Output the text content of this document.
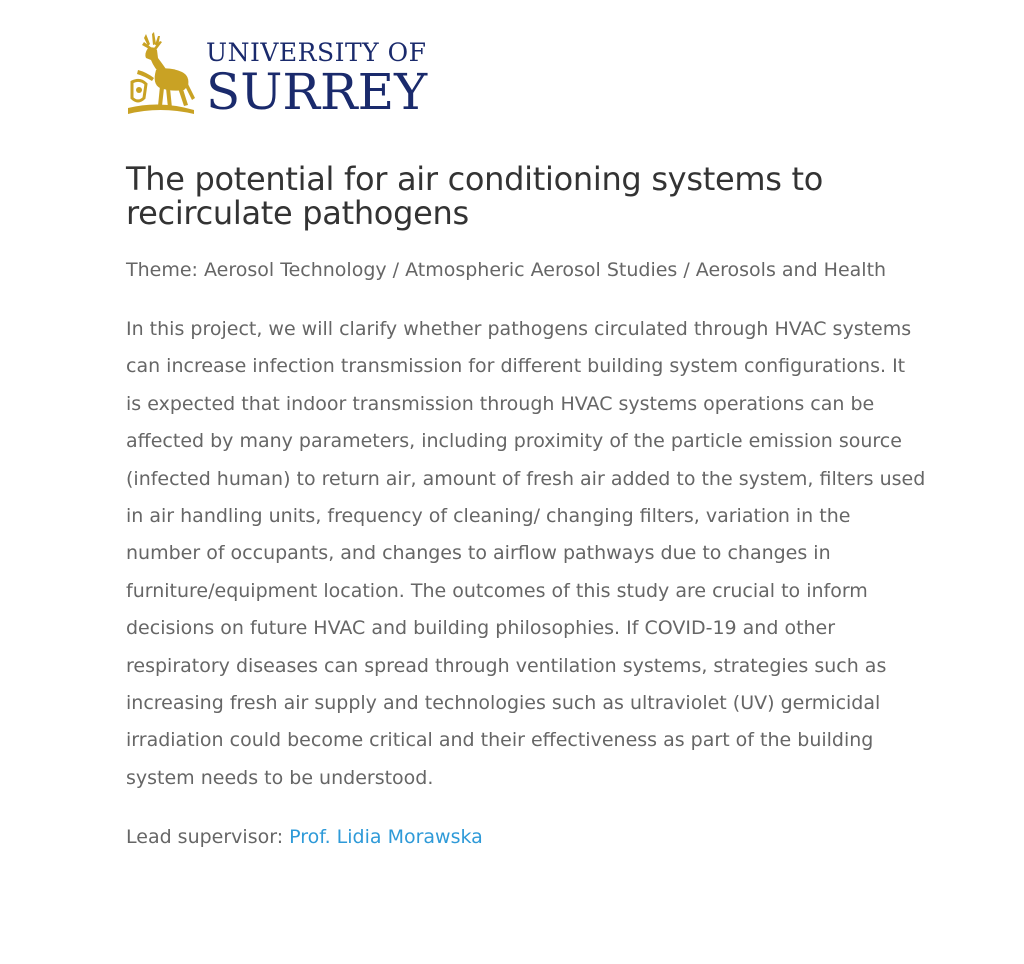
UNIVERSITY OF
SURREY
The potential for air conditioning systems to recirculate pathogens

Theme: Aerosol Technology / Atmospheric Aerosol Studies / Aerosols and Health

In this project, we will clarify whether pathogens circulated through HVAC systems can increase infection transmission for different building system configurations. It is expected that indoor transmission through HVAC systems operations can be affected by many parameters, including proximity of the particle emission source (infected human) to return air, amount of fresh air added to the system, filters used in air handling units, frequency of cleaning/ changing filters, variation in the number of occupants, and changes to airflow pathways due to changes in furniture/equipment location. The outcomes of this study are crucial to inform decisions on future HVAC and building philosophies. If COVID-19 and other respiratory diseases can spread through ventilation systems, strategies such as increasing fresh air supply and technologies such as ultraviolet (UV) germicidal irradiation could become critical and their effectiveness as part of the building system needs to be understood.

Lead supervisor: Prof. Lidia Morawska
